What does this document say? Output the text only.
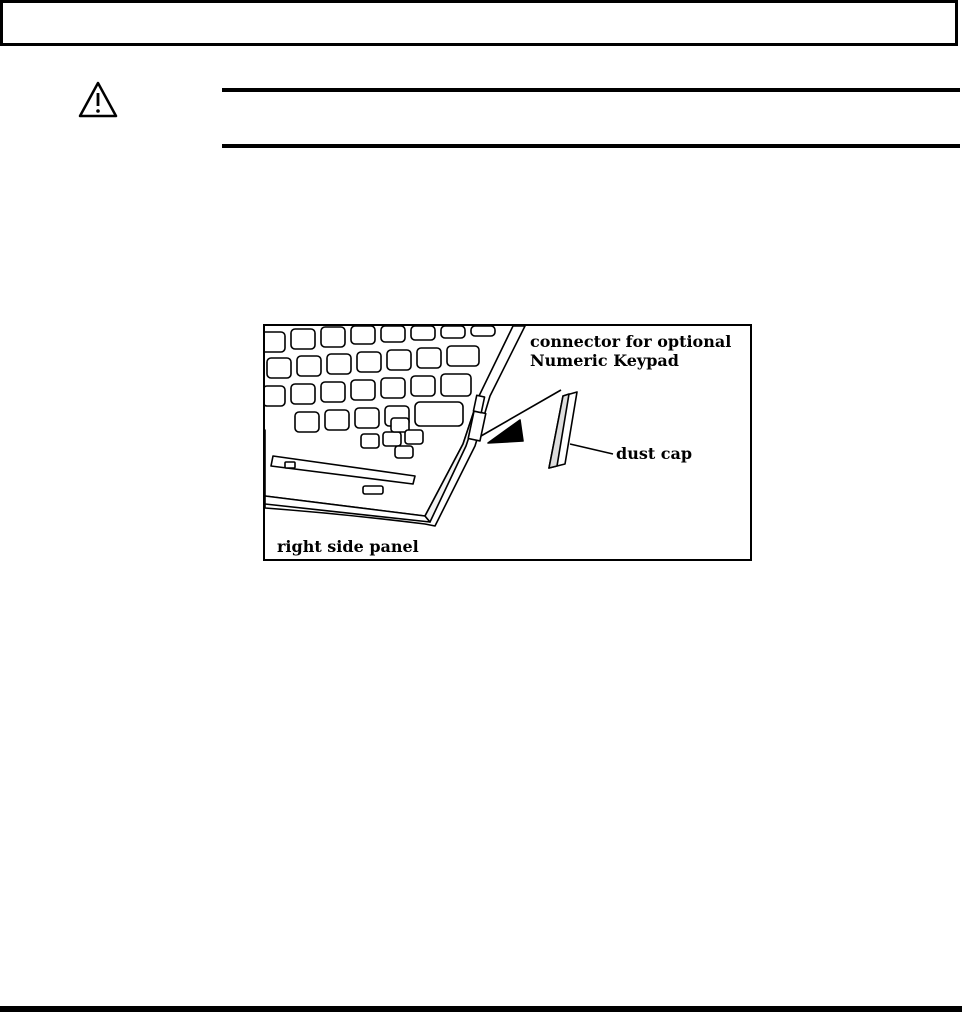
connector for optional
Numeric Keypad
dust cap
right side panel
